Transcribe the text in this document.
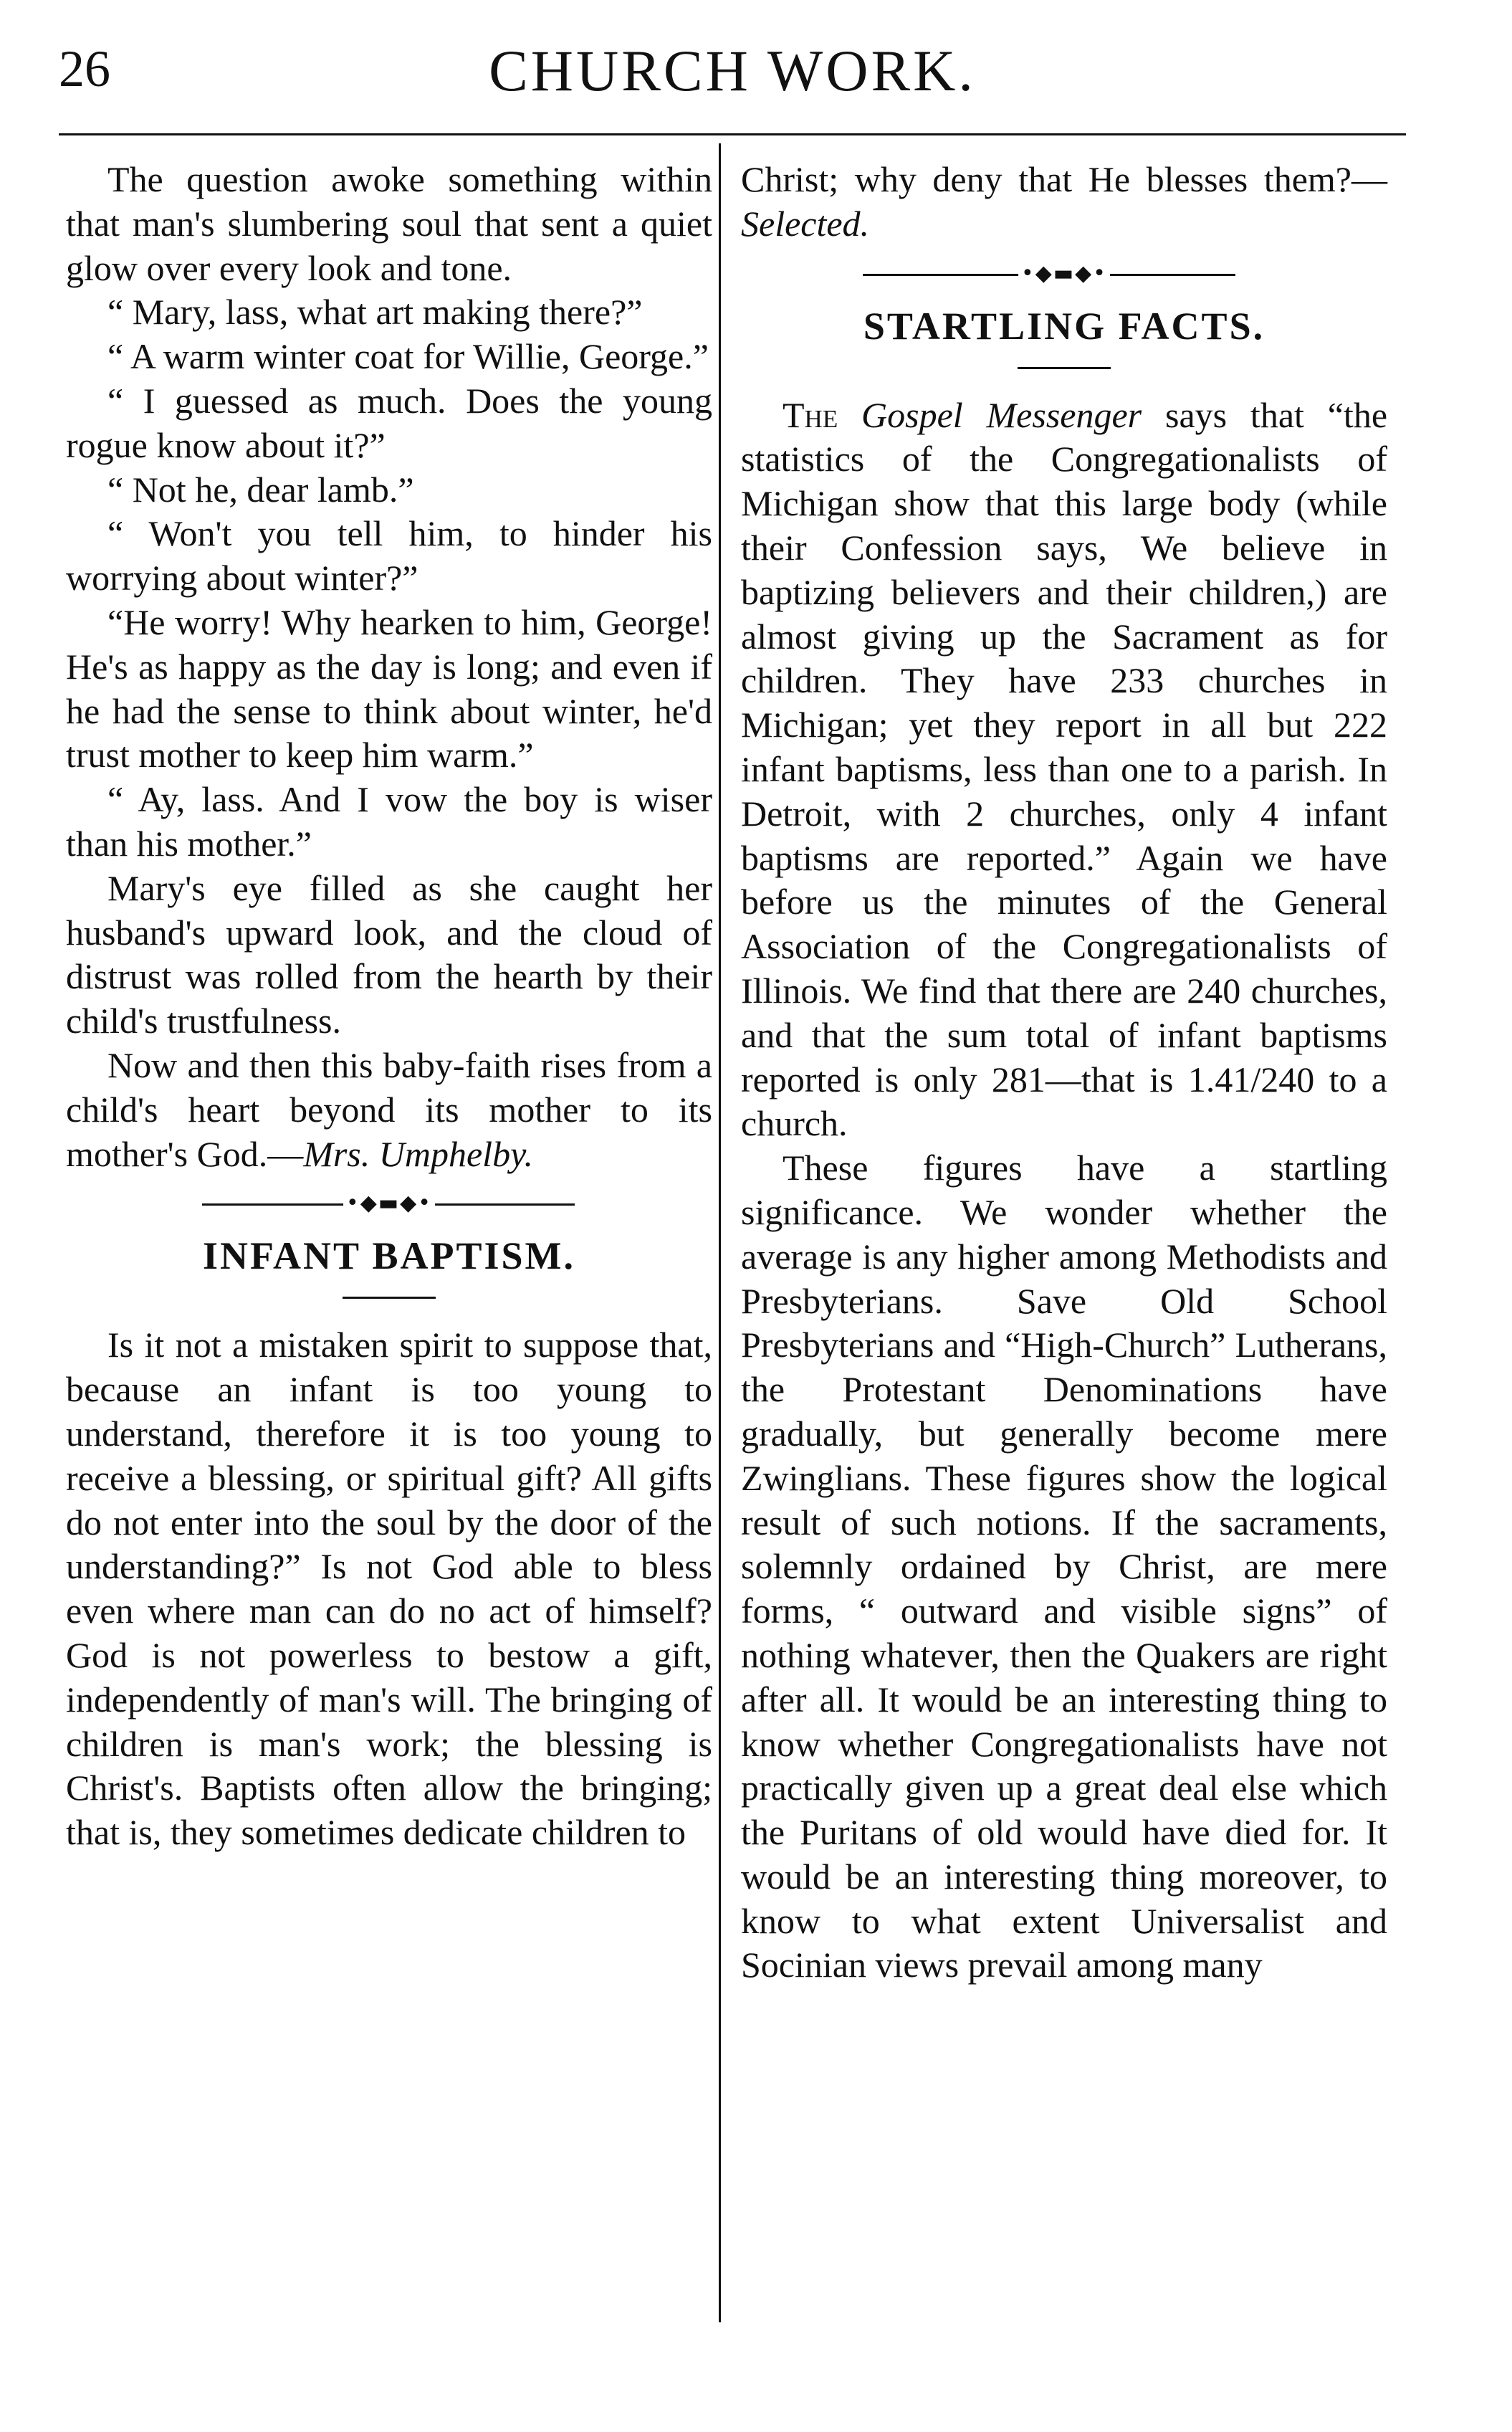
26	CHURCH WORK.

The question awoke something within that man's slumbering soul that sent a quiet glow over every look and tone.

“ Mary, lass, what art making there?”

“ A warm winter coat for Willie, George.”

“ I guessed as much. Does the young rogue know about it?”

“ Not he, dear lamb.”

“ Won't you tell him, to hinder his worrying about winter?”

“He worry! Why hearken to him, George! He's as happy as the day is long; and even if he had the sense to think about winter, he'd trust mother to keep him warm.”

“ Ay, lass. And I vow the boy is wiser than his mother.”

Mary's eye filled as she caught her husband's upward look, and the cloud of distrust was rolled from the hearth by their child's trustfulness.

Now and then this baby-faith rises from a child's heart beyond its mother to its mother's God.—Mrs. Umphelby.

•◆▬◆•
INFANT BAPTISM.

Is it not a mistaken spirit to suppose that, because an infant is too young to understand, therefore it is too young to receive a blessing, or spiritual gift? All gifts do not enter into the soul by the door of the understanding?” Is not God able to bless even where man can do no act of himself? God is not powerless to bestow a gift, independently of man's will. The bringing of children is man's work; the blessing is Christ's. Baptists often allow the bringing; that is, they sometimes dedicate children to

Christ; why deny that He blesses them?—Selected.

•◆▬◆•
STARTLING FACTS.

The Gospel Messenger says that “the statistics of the Congregationalists of Michigan show that this large body (while their Confession says, We believe in baptizing believers and their children,) are almost giving up the Sacrament as for children. They have 233 churches in Michigan; yet they report in all but 222 infant baptisms, less than one to a parish. In Detroit, with 2 churches, only 4 infant baptisms are reported.” Again we have before us the minutes of the General Association of the Congregationalists of Illinois. We find that there are 240 churches, and that the sum total of infant baptisms reported is only 281—that is 1.41/240 to a church.

These figures have a startling significance. We wonder whether the average is any higher among Methodists and Presbyterians. Save Old School Presbyterians and “High-Church” Lutherans, the Protestant Denominations have gradually, but generally become mere Zwinglians. These figures show the logical result of such notions. If the sacraments, solemnly ordained by Christ, are mere forms, “ outward and visible signs” of nothing whatever, then the Quakers are right after all. It would be an interesting thing to know whether Congregationalists have not practically given up a great deal else which the Puritans of old would have died for. It would be an interesting thing moreover, to know to what extent Universalist and Socinian views prevail among many
